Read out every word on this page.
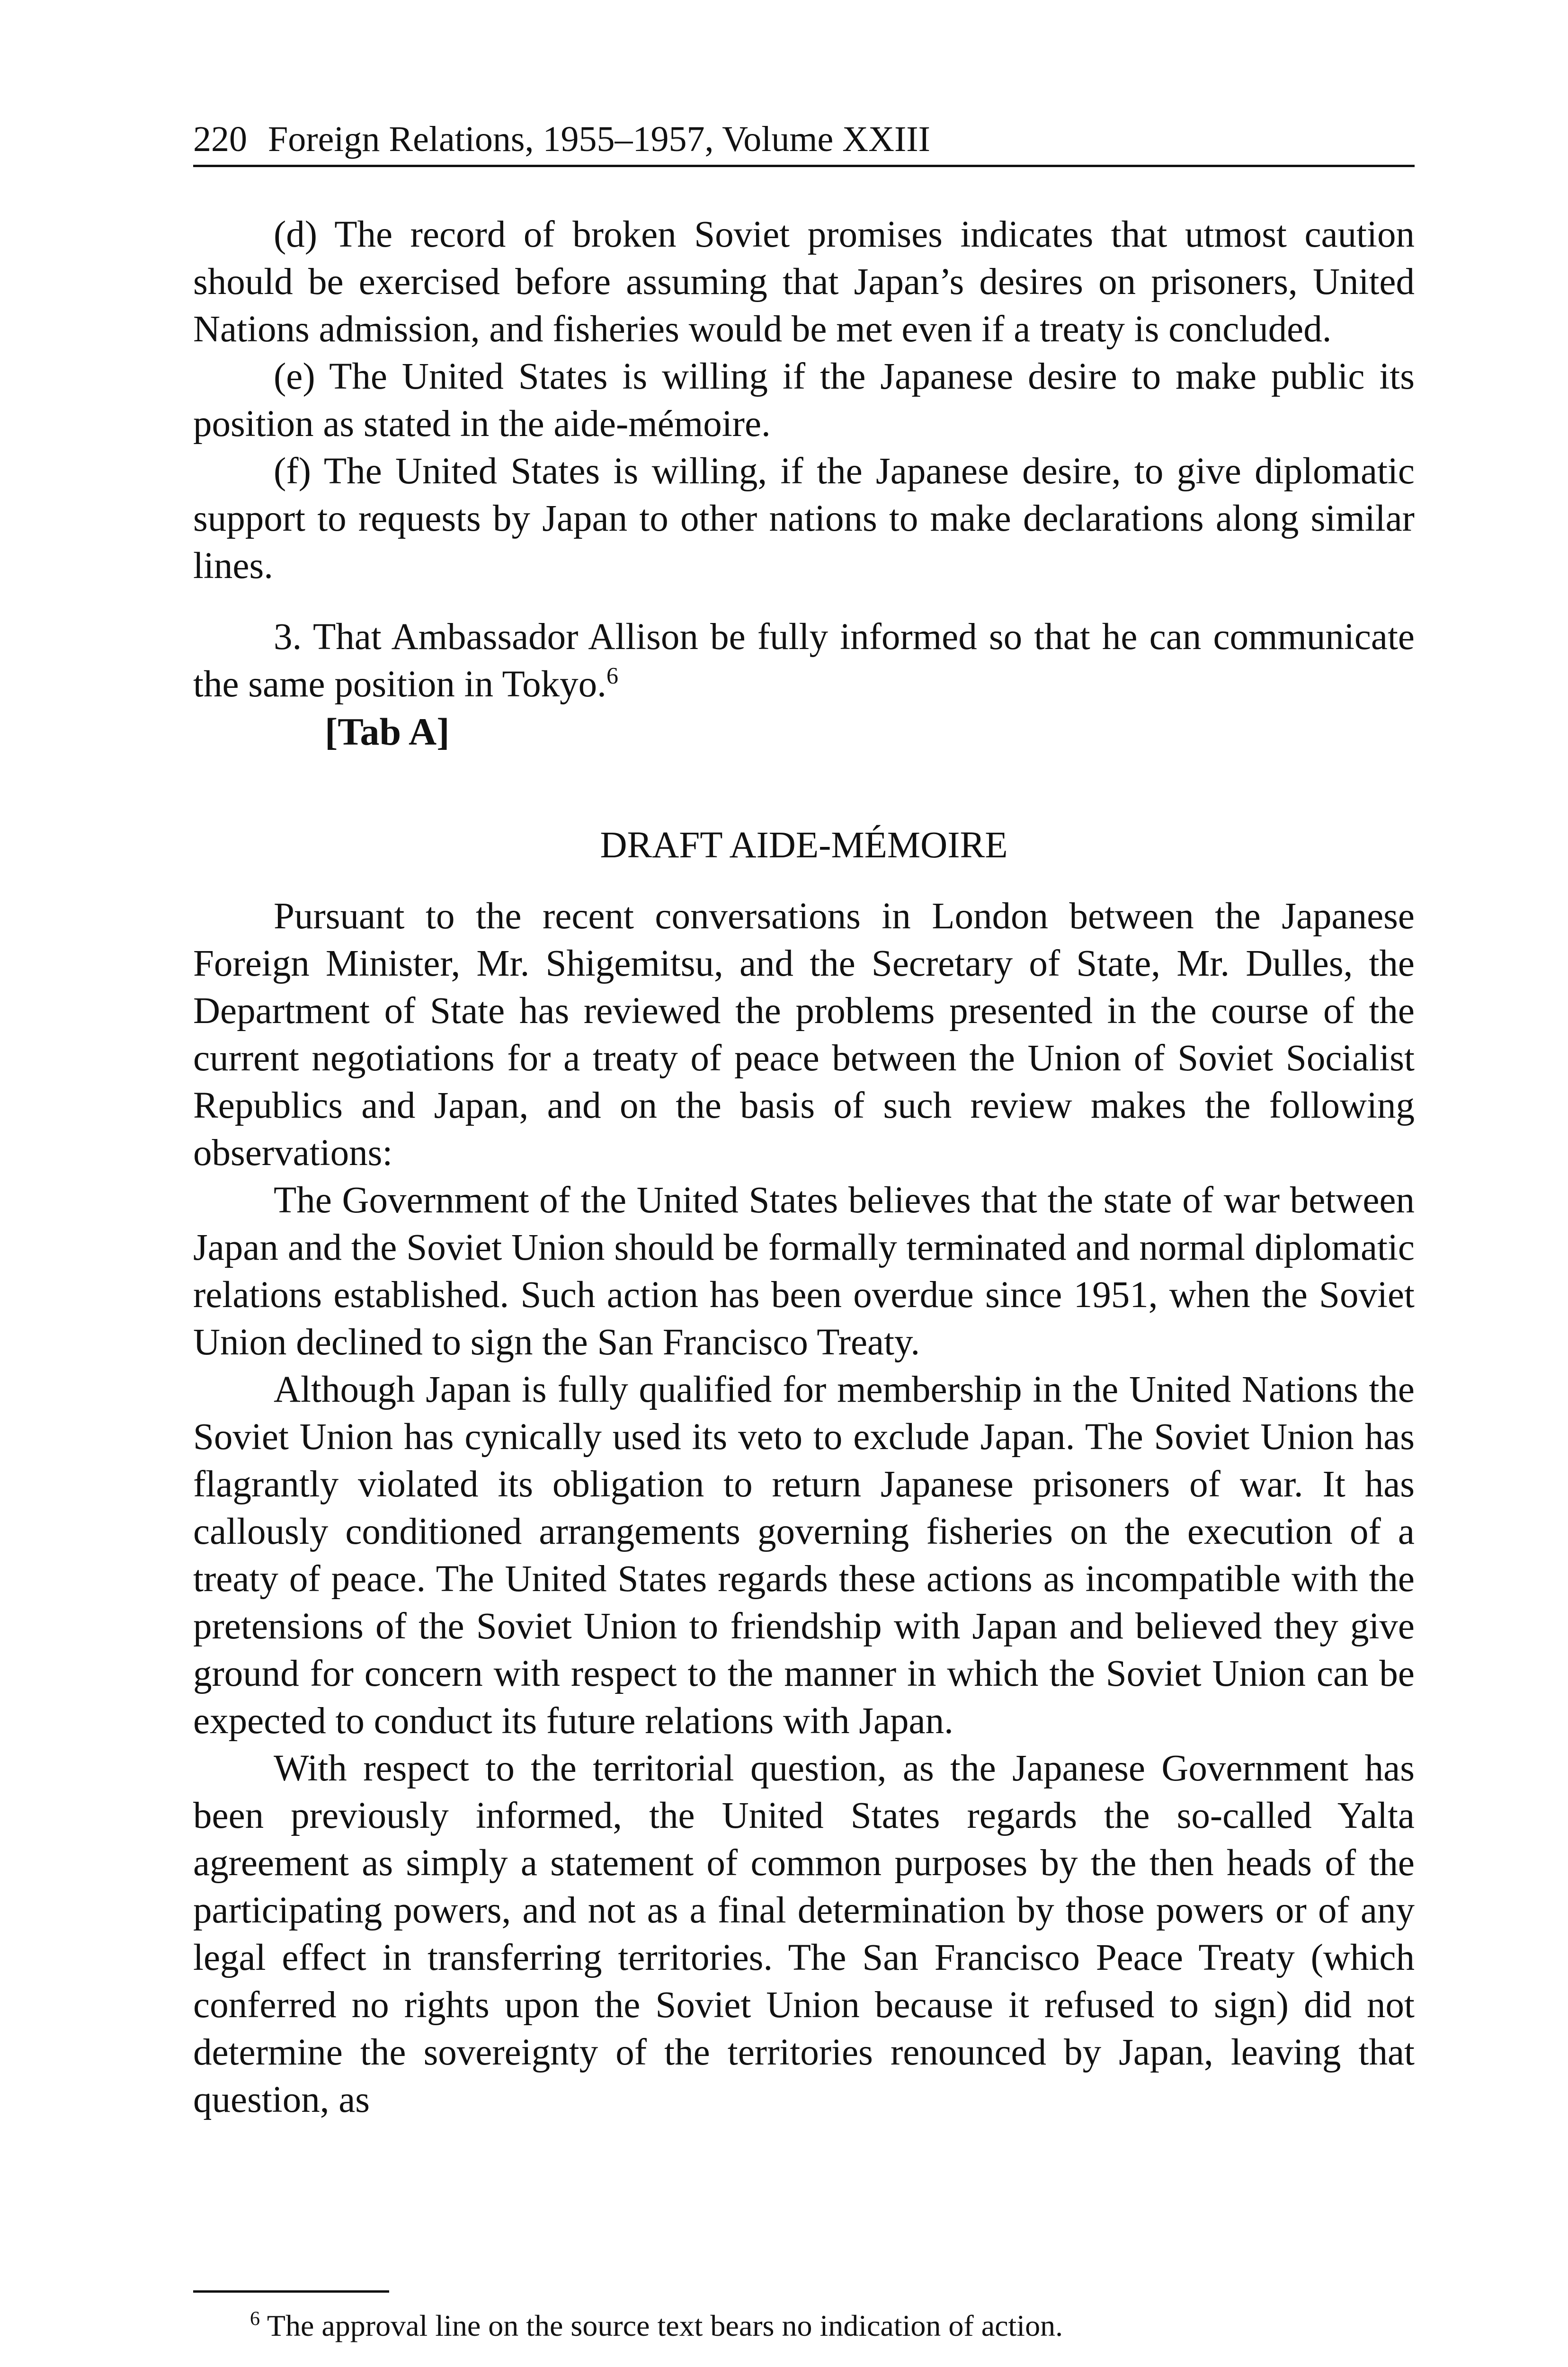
220 Foreign Relations, 1955–1957, Volume XXIII

(d) The record of broken Soviet promises indicates that utmost caution should be exercised before assuming that Japan’s desires on prisoners, United Nations admission, and fisheries would be met even if a treaty is concluded.

(e) The United States is willing if the Japanese desire to make public its position as stated in the aide-mémoire.

(f) The United States is willing, if the Japanese desire, to give diplomatic support to requests by Japan to other nations to make declarations along similar lines.

3. That Ambassador Allison be fully informed so that he can communicate the same position in Tokyo.$^6$

[Tab A]

DRAFT AIDE-MÉMOIRE

Pursuant to the recent conversations in London between the Japanese Foreign Minister, Mr. Shigemitsu, and the Secretary of State, Mr. Dulles, the Department of State has reviewed the problems presented in the course of the current negotiations for a treaty of peace between the Union of Soviet Socialist Republics and Japan, and on the basis of such review makes the following observations:

The Government of the United States believes that the state of war between Japan and the Soviet Union should be formally terminated and normal diplomatic relations established. Such action has been overdue since 1951, when the Soviet Union declined to sign the San Francisco Treaty.

Although Japan is fully qualified for membership in the United Nations the Soviet Union has cynically used its veto to exclude Japan. The Soviet Union has flagrantly violated its obligation to return Japanese prisoners of war. It has callously conditioned arrangements governing fisheries on the execution of a treaty of peace. The United States regards these actions as incompatible with the pretensions of the Soviet Union to friendship with Japan and believed they give ground for concern with respect to the manner in which the Soviet Union can be expected to conduct its future relations with Japan.

With respect to the territorial question, as the Japanese Government has been previously informed, the United States regards the so-called Yalta agreement as simply a statement of common purposes by the then heads of the participating powers, and not as a final determination by those powers or of any legal effect in transferring territories. The San Francisco Peace Treaty (which conferred no rights upon the Soviet Union because it refused to sign) did not determine the sovereignty of the territories renounced by Japan, leaving that question, as

$^6$ The approval line on the source text bears no indication of action.
